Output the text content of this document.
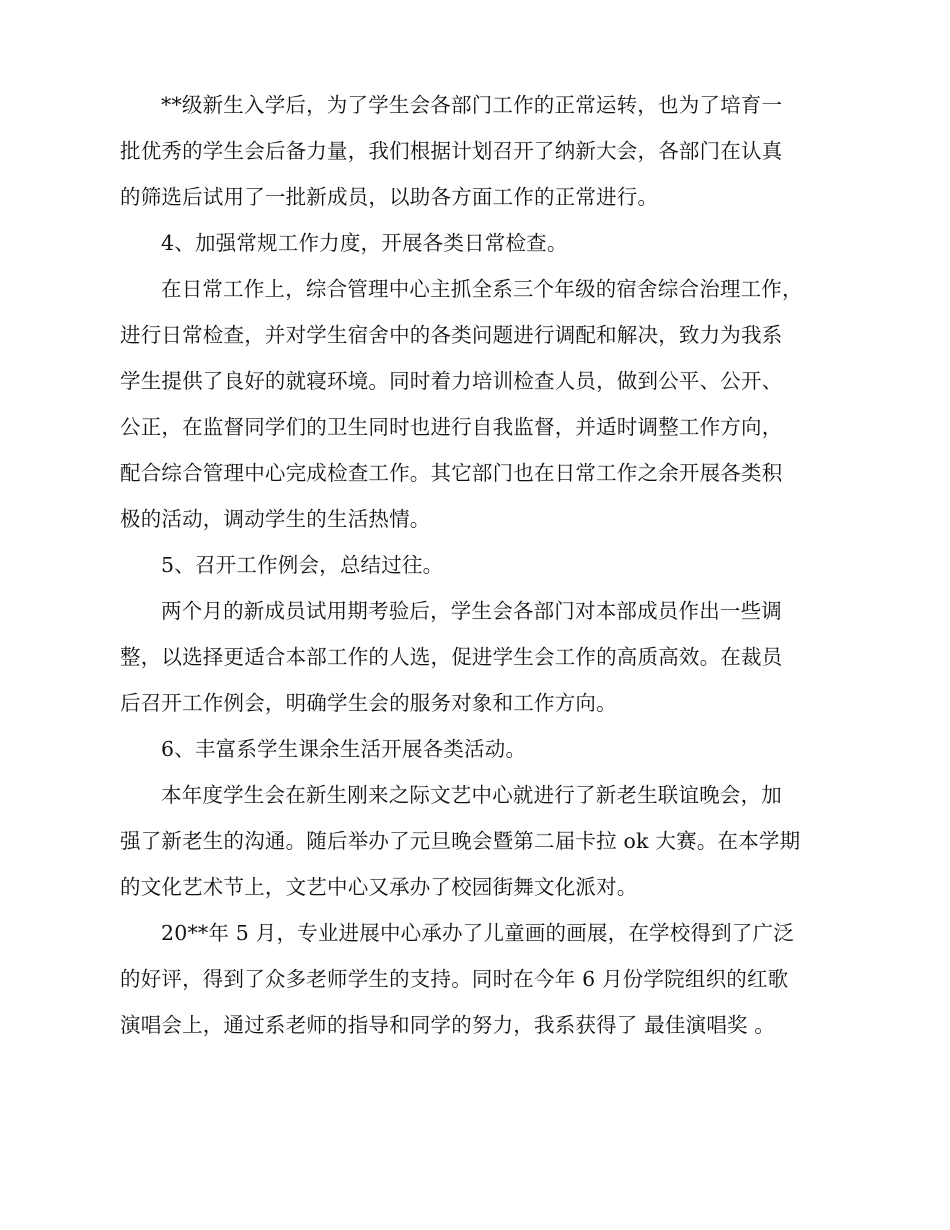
**级新生入学后，为了学生会各部门工作的正常运转，也为了培育一
批优秀的学生会后备力量，我们根据计划召开了纳新大会，各部门在认真
的筛选后试用了一批新成员，以助各方面工作的正常进行。

4、加强常规工作力度，开展各类日常检查。

在日常工作上，综合管理中心主抓全系三个年级的宿舍综合治理工作，
进行日常检查，并对学生宿舍中的各类问题进行调配和解决，致力为我系
学生提供了良好的就寝环境。同时着力培训检查人员，做到公平、公开、
公正，在监督同学们的卫生同时也进行自我监督，并适时调整工作方向，
配合综合管理中心完成检查工作。其它部门也在日常工作之余开展各类积
极的活动，调动学生的生活热情。

5、召开工作例会，总结过往。

两个月的新成员试用期考验后，学生会各部门对本部成员作出一些调
整，以选择更适合本部工作的人选，促进学生会工作的高质高效。在裁员
后召开工作例会，明确学生会的服务对象和工作方向。

6、丰富系学生课余生活开展各类活动。

本年度学生会在新生刚来之际文艺中心就进行了新老生联谊晚会，加
强了新老生的沟通。随后举办了元旦晚会暨第二届卡拉 ok 大赛。在本学期
的文化艺术节上，文艺中心又承办了校园街舞文化派对。

20**年 5 月，专业进展中心承办了儿童画的画展，在学校得到了广泛
的好评，得到了众多老师学生的支持。同时在今年 6 月份学院组织的红歌
演唱会上，通过系老师的指导和同学的努力，我系获得了 最佳演唱奖 。
